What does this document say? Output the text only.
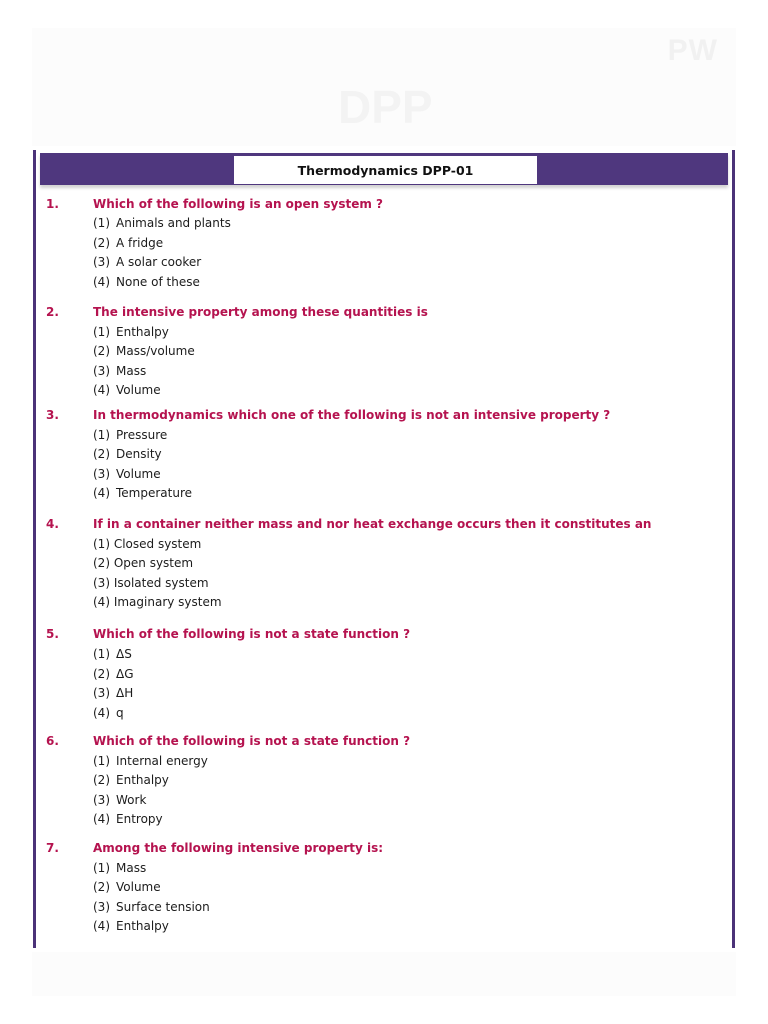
PW
DPP
Thermodynamics DPP-01
1.	Which of the following is an open system ?
(1) Animals and plants
(2) A fridge
(3) A solar cooker
(4) None of these
2.	The intensive property among these quantities is
(1) Enthalpy
(2) Mass/volume
(3) Mass
(4) Volume
3.	In thermodynamics which one of the following is not an intensive property ?
(1) Pressure
(2) Density
(3) Volume
(4) Temperature
4.	If in a container neither mass and nor heat exchange occurs then it constitutes an
(1) Closed system
(2) Open system
(3) Isolated system
(4) Imaginary system
5.	Which of the following is not a state function ?
(1) ΔS
(2) ΔG
(3) ΔH
(4) q
6.	Which of the following is not a state function ?
(1) Internal energy
(2) Enthalpy
(3) Work
(4) Entropy
7.	Among the following intensive property is:
(1) Mass
(2) Volume
(3) Surface tension
(4) Enthalpy
